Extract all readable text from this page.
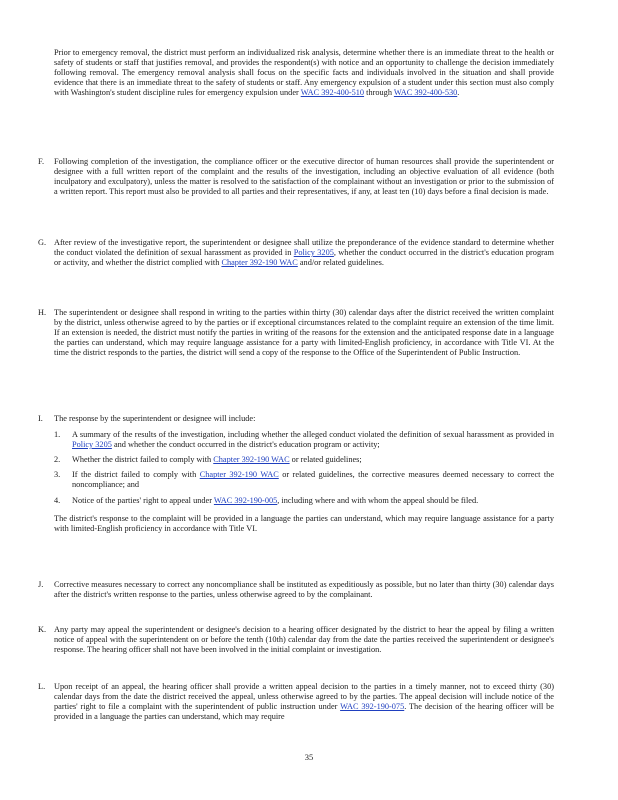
Prior to emergency removal, the district must perform an individualized risk analysis, determine whether there is an immediate threat to the health or safety of students or staff that justifies removal, and provides the respondent(s) with notice and an opportunity to challenge the decision immediately following removal. The emergency removal analysis shall focus on the specific facts and individuals involved in the situation and shall provide evidence that there is an immediate threat to the safety of students or staff. Any emergency expulsion of a student under this section must also comply with Washington's student discipline rules for emergency expulsion under WAC 392-400-510 through WAC 392-400-530.
F.	Following completion of the investigation, the compliance officer or the executive director of human resources shall provide the superintendent or designee with a full written report of the complaint and the results of the investigation, including an objective evaluation of all evidence (both inculpatory and exculpatory), unless the matter is resolved to the satisfaction of the complainant without an investigation or prior to the submission of a written report. This report must also be provided to all parties and their representatives, if any, at least ten (10) days before a final decision is made.
G. After review of the investigative report, the superintendent or designee shall utilize the preponderance of the evidence standard to determine whether the conduct violated the definition of sexual harassment as provided in Policy 3205, whether the conduct occurred in the district's education program or activity, and whether the district complied with Chapter 392-190 WAC and/or related guidelines.
H. The superintendent or designee shall respond in writing to the parties within thirty (30) calendar days after the district received the written complaint by the district, unless otherwise agreed to by the parties or if exceptional circumstances related to the complaint require an extension of the time limit. If an extension is needed, the district must notify the parties in writing of the reasons for the extension and the anticipated response date in a language the parties can understand, which may require language assistance for a party with limited-English proficiency, in accordance with Title VI. At the time the district responds to the parties, the district will send a copy of the response to the Office of the Superintendent of Public Instruction.
I.	The response by the superintendent or designee will include:
1. A summary of the results of the investigation, including whether the alleged conduct violated the definition of sexual harassment as provided in Policy 3205 and whether the conduct occurred in the district's education program or activity;
2. Whether the district failed to comply with Chapter 392-190 WAC or related guidelines;
3. If the district failed to comply with Chapter 392-190 WAC or related guidelines, the corrective measures deemed necessary to correct the noncompliance; and
4. Notice of the parties' right to appeal under WAC 392-190-005, including where and with whom the appeal should be filed.
The district's response to the complaint will be provided in a language the parties can understand, which may require language assistance for a party with limited-English proficiency in accordance with Title VI.
J.	Corrective measures necessary to correct any noncompliance shall be instituted as expeditiously as possible, but no later than thirty (30) calendar days after the district's written response to the parties, unless otherwise agreed to by the complainant.
K. Any party may appeal the superintendent or designee's decision to a hearing officer designated by the district to hear the appeal by filing a written notice of appeal with the superintendent on or before the tenth (10th) calendar day from the date the parties received the superintendent or designee's response. The hearing officer shall not have been involved in the initial complaint or investigation.
L.	Upon receipt of an appeal, the hearing officer shall provide a written appeal decision to the parties in a timely manner, not to exceed thirty (30) calendar days from the date the district received the appeal, unless otherwise agreed to by the parties. The appeal decision will include notice of the parties' right to file a complaint with the superintendent of public instruction under WAC 392-190-075. The decision of the hearing officer will be provided in a language the parties can understand, which may require
35
